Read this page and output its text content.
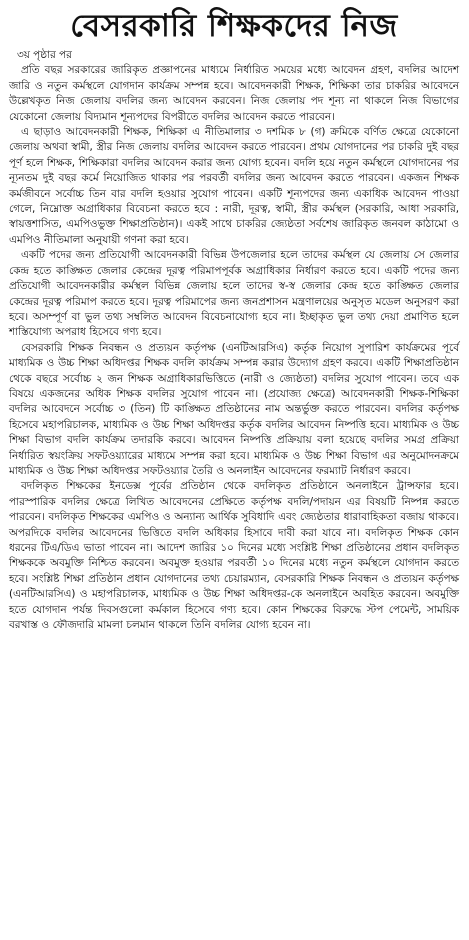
বেসরকারি শিক্ষকদের নিজ
৩য় পৃষ্ঠার পর

প্রতি বছর সরকারের জারিকৃত প্রজ্ঞাপনের মাধ্যমে নির্ধারিত সময়ের মধ্যে আবেদন গ্রহণ, বদলির আদেশ জারি ও নতুন কর্মস্থলে যোগদান কার্যক্রম সম্পন্ন হবে। আবেদনকারী শিক্ষক, শিক্ষিকা তার চাকরির আবেদনে উল্লেখকৃত নিজ জেলায় বদলির জন্য আবেদন করবেন। নিজ জেলায় পদ শূন্য না থাকলে নিজ বিভাগের যেকোনো জেলায় বিদ্যমান শূন্যপদের বিপরীতে বদলির আবেদন করতে পারবেন।

এ ছাড়াও আবেদনকারী শিক্ষক, শিক্ষিকা এ নীতিমালার ৩ দশমিক ৮ (গ) ক্রমিকে বর্ণিত ক্ষেত্রে যেকোনো জেলায় অথবা স্বামী, স্ত্রীর নিজ জেলায় বদলির আবেদন করতে পারবেন। প্রথম যোগদানের পর চাকরি দুই বছর পূর্ণ হলে শিক্ষক, শিক্ষিকারা বদলির আবেদন করার জন্য যোগ্য হবেন। বদলি হয়ে নতুন কর্মস্থলে যোগদানের পর ন্যূনতম দুই বছর কর্মে নিয়োজিত থাকার পর পরবর্তী বদলির জন্য আবেদন করতে পারবেন। একজন শিক্ষক কর্মজীবনে সর্বোচ্চ তিন বার বদলি হওয়ার সুযোগ পাবেন। একটি শূন্যপদের জন্য একাধিক আবেদন পাওয়া গেলে, নিম্নোক্ত অগ্রাধিকার বিবেচনা করতে হবে : নারী, দূরত্ব, স্বামী, স্ত্রীর কর্মস্থল (সরকারি, আধা সরকারি, স্বায়ত্তশাসিত, এমপিওভুক্ত শিক্ষাপ্রতিষ্ঠান)। একই সাথে চাকরির জ্যেষ্ঠতা সর্বশেষ জারিকৃত জনবল কাঠামো ও এমপিও নীতিমালা অনুযায়ী গণনা করা হবে।

একটি পদের জন্য প্রতিযোগী আবেদনকারী বিভিন্ন উপজেলার হলে তাদের কর্মস্থল যে জেলায় সে জেলার কেন্দ্র হতে কাঙ্ক্ষিত জেলার কেন্দ্রের দূরত্ব পরিমাপপূর্বক অগ্রাধিকার নির্ধারণ করতে হবে। একটি পদের জন্য প্রতিযোগী আবেদনকারীর কর্মস্থল বিভিন্ন জেলায় হলে তাদের স্ব-স্ব জেলার কেন্দ্র হতে কাঙ্ক্ষিত জেলার কেন্দ্রের দূরত্ব পরিমাপ করতে হবে। দূরত্ব পরিমাপের জন্য জনপ্রশাসন মন্ত্রণালয়ের অনুসৃত মডেল অনুসরণ করা হবে। অসম্পূর্ণ বা ভুল তথ্য সম্বলিত আবেদন বিবেচনাযোগ্য হবে না। ইচ্ছাকৃত ভুল তথ্য দেয়া প্রমাণিত হলে শাস্তিযোগ্য অপরাধ হিসেবে গণ্য হবে।

বেসরকারি শিক্ষক নিবন্ধন ও প্রত্যয়ন কর্তৃপক্ষ (এনটিআরসিএ) কর্তৃক নিয়োগ সুপারিশ কার্যক্রমের পূর্বে মাধ্যমিক ও উচ্চ শিক্ষা অধিদপ্তর শিক্ষক বদলি কার্যক্রম সম্পন্ন করার উদ্যোগ গ্রহণ করবে। একটি শিক্ষাপ্রতিষ্ঠান থেকে বছরে সর্বোচ্চ ২ জন শিক্ষক অগ্রাধিকারভিত্তিতে (নারী ও জ্যেষ্ঠতা) বদলির সুযোগ পাবেন। তবে এক বিষয়ে একজনের অধিক শিক্ষক বদলির সুযোগ পাবেন না। (প্রযোজ্য ক্ষেত্রে) আবেদনকারী শিক্ষক-শিক্ষিকা বদলির আবেদনে সর্বোচ্চ ৩ (তিন) টি কাঙ্ক্ষিত প্রতিষ্ঠানের নাম অন্তর্ভুক্ত করতে পারবেন। বদলির কর্তৃপক্ষ হিসেবে মহাপরিচালক, মাধ্যমিক ও উচ্চ শিক্ষা অধিদপ্তর কর্তৃক বদলির আবেদন নিষ্পত্তি হবে। মাধ্যমিক ও উচ্চ শিক্ষা বিভাগ বদলি কার্যক্রম তদারকি করবে। আবেদন নিষ্পত্তি প্রক্রিয়ায় বলা হয়েছে বদলির সমগ্র প্রক্রিয়া নির্ধারিত স্বয়ংক্রিয় সফটওয়্যারের মাধ্যমে সম্পন্ন করা হবে। মাধ্যমিক ও উচ্চ শিক্ষা বিভাগ এর অনুমোদনক্রমে মাধ্যমিক ও উচ্চ শিক্ষা অধিদপ্তর সফটওয়্যার তৈরি ও অনলাইন আবেদনের ফরম্যাট নির্ধারণ করবে।

বদলিকৃত শিক্ষকের ইনডেক্স পূর্বের প্রতিষ্ঠান থেকে বদলিকৃত প্রতিষ্ঠানে অনলাইনে ট্রান্সফার হবে। পারস্পারিক বদলির ক্ষেত্রে লিখিত আবেদনের প্রেক্ষিতে কর্তৃপক্ষ বদলি/পদায়ন এর বিষয়টি নিষ্পন্ন করতে পারবেন। বদলিকৃত শিক্ষকের এমপিও ও অন্যান্য আর্থিক সুবিধাদি এবং জ্যেষ্ঠতার ধারাবাহিকতা বজায় থাকবে। অপরদিকে বদলির আবেদনের ভিত্তিতে বদলি অধিকার হিসাবে দাবী করা যাবে না। বদলিকৃত শিক্ষক কোন ধরনের টিএ/ডিএ ভাতা পাবেন না। আদেশ জারির ১০ দিনের মধ্যে সংশ্লিষ্ট শিক্ষা প্রতিষ্ঠানের প্রধান বদলিকৃত শিক্ষককে অবমুক্তি নিশ্চিত করবেন। অবমুক্ত হওয়ার পরবর্তী ১০ দিনের মধ্যে নতুন কর্মস্থলে যোগদান করতে হবে। সংশ্লিষ্ট শিক্ষা প্রতিষ্ঠান প্রধান যোগদানের তথ্য চেয়ারম্যান, বেসরকারি শিক্ষক নিবন্ধন ও প্রত্যয়ন কর্তৃপক্ষ (এনটিআরসিএ) ও মহাপরিচালক, মাধ্যমিক ও উচ্চ শিক্ষা অধিদপ্তর-কে অনলাইনে অবহিত করবেন। অবমুক্তি হতে যোগদান পর্যন্ত দিবসগুলো কর্মকাল হিসেবে গণ্য হবে। কোন শিক্ষকের বিরুদ্ধে স্টপ পেমেন্ট, সাময়িক বরখাস্ত ও ফৌজদারি মামলা চলমান থাকলে তিনি বদলির যোগ্য হবেন না।
